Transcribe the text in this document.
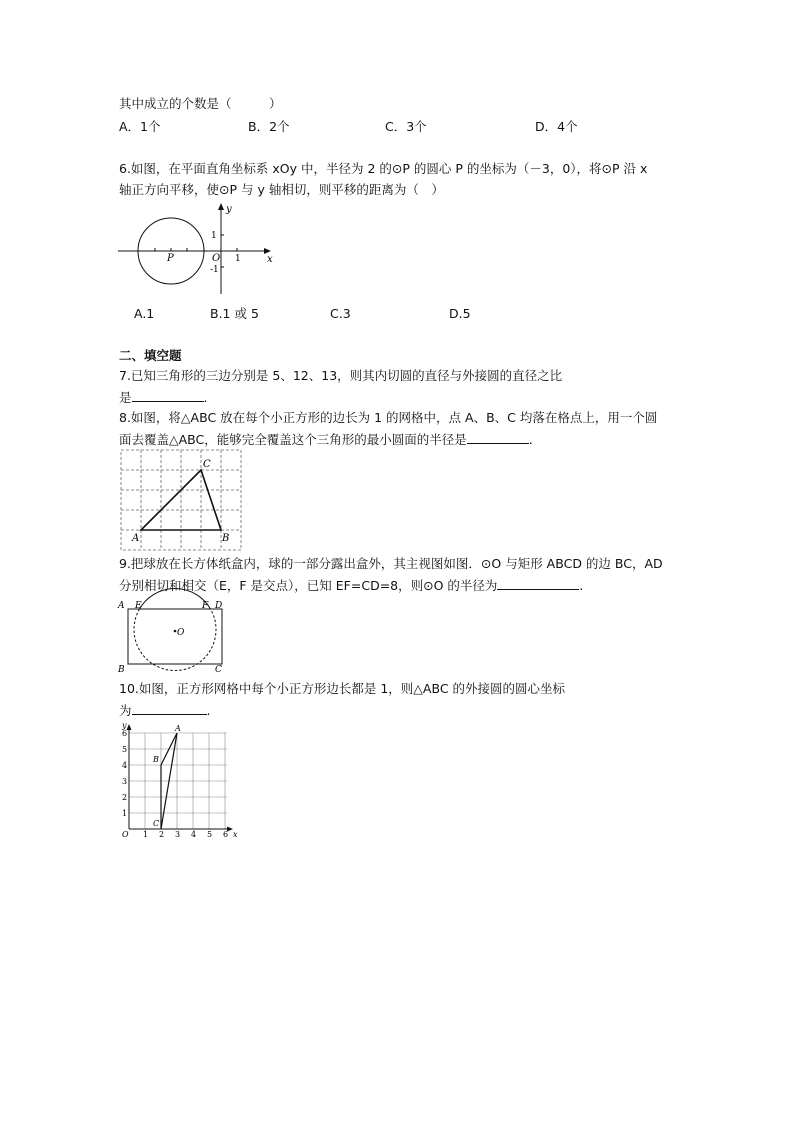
其中成立的个数是（　　　）
A．1个	B．2个	C．3个	D．4个
6.如图，在平面直角坐标系 xOy 中，半径为 2 的⊙P 的圆心 P 的坐标为（－3，0），将⊙P 沿 x
轴正方向平移，使⊙P 与 y 轴相切，则平移的距离为（　）
y
1
O 1
-1
x
P
A.1	B.1 或 5	C.3	D.5
二、填空题
7.已知三角形的三边分别是 5、12、13，则其内切圆的直径与外接圆的直径之比
是	.
8.如图，将△ABC 放在每个小正方形的边长为 1 的网格中，点 A、B、C 均落在格点上，用一个圆
面去覆盖△ABC，能够完全覆盖这个三角形的最小圆面的半径是	.
A	B
C
9.把球放在长方体纸盒内，球的一部分露出盒外，其主视图如图．⊙O 与矩形 ABCD 的边 BC，AD
分别相切和相交（E，F 是交点），已知 EF=CD=8，则⊙O 的半径为	.
A E	F D
O
B	C
10.如图，正方形网格中每个小正方形边长都是 1，则△ABC 的外接圆的圆心坐标
为	.
y
6
5
4
3
2
1
O 1 2 3 4 5 6 x
A
B
C
